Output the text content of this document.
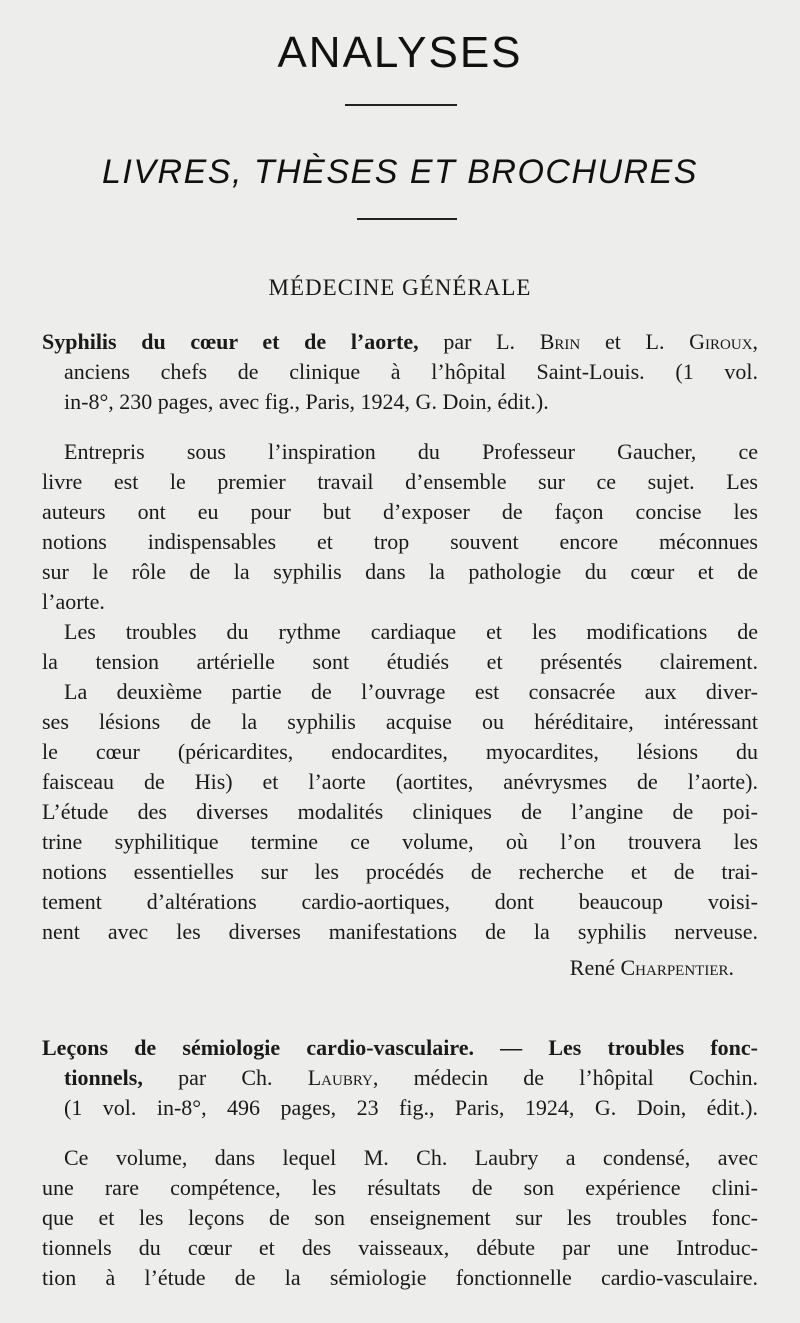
ANALYSES
LIVRES, THÈSES ET BROCHURES
MÉDECINE GÉNÉRALE
Syphilis du cœur et de l’aorte, par L. Brin et L. Giroux,
anciens chefs de clinique à l’hôpital Saint-Louis. (1 vol.
in-8°, 230 pages, avec fig., Paris, 1924, G. Doin, édit.).
Entrepris sous l’inspiration du Professeur Gaucher, ce
livre est le premier travail d’ensemble sur ce sujet. Les
auteurs ont eu pour but d’exposer de façon concise les
notions indispensables et trop souvent encore méconnues
sur le rôle de la syphilis dans la pathologie du cœur et de
l’aorte.
Les troubles du rythme cardiaque et les modifications de
la tension artérielle sont étudiés et présentés clairement.
La deuxième partie de l’ouvrage est consacrée aux diver-
ses lésions de la syphilis acquise ou héréditaire, intéressant
le cœur (péricardites, endocardites, myocardites, lésions du
faisceau de His) et l’aorte (aortites, anévrysmes de l’aorte).
L’étude des diverses modalités cliniques de l’angine de poi-
trine syphilitique termine ce volume, où l’on trouvera les
notions essentielles sur les procédés de recherche et de trai-
tement d’altérations cardio-aortiques, dont beaucoup voisi-
nent avec les diverses manifestations de la syphilis nerveuse.
René Charpentier.
Leçons de sémiologie cardio-vasculaire. — Les troubles fonc-
tionnels, par Ch. Laubry, médecin de l’hôpital Cochin.
(1 vol. in-8°, 496 pages, 23 fig., Paris, 1924, G. Doin, édit.).
Ce volume, dans lequel M. Ch. Laubry a condensé, avec
une rare compétence, les résultats de son expérience clini-
que et les leçons de son enseignement sur les troubles fonc-
tionnels du cœur et des vaisseaux, débute par une Introduc-
tion à l’étude de la sémiologie fonctionnelle cardio-vasculaire.
